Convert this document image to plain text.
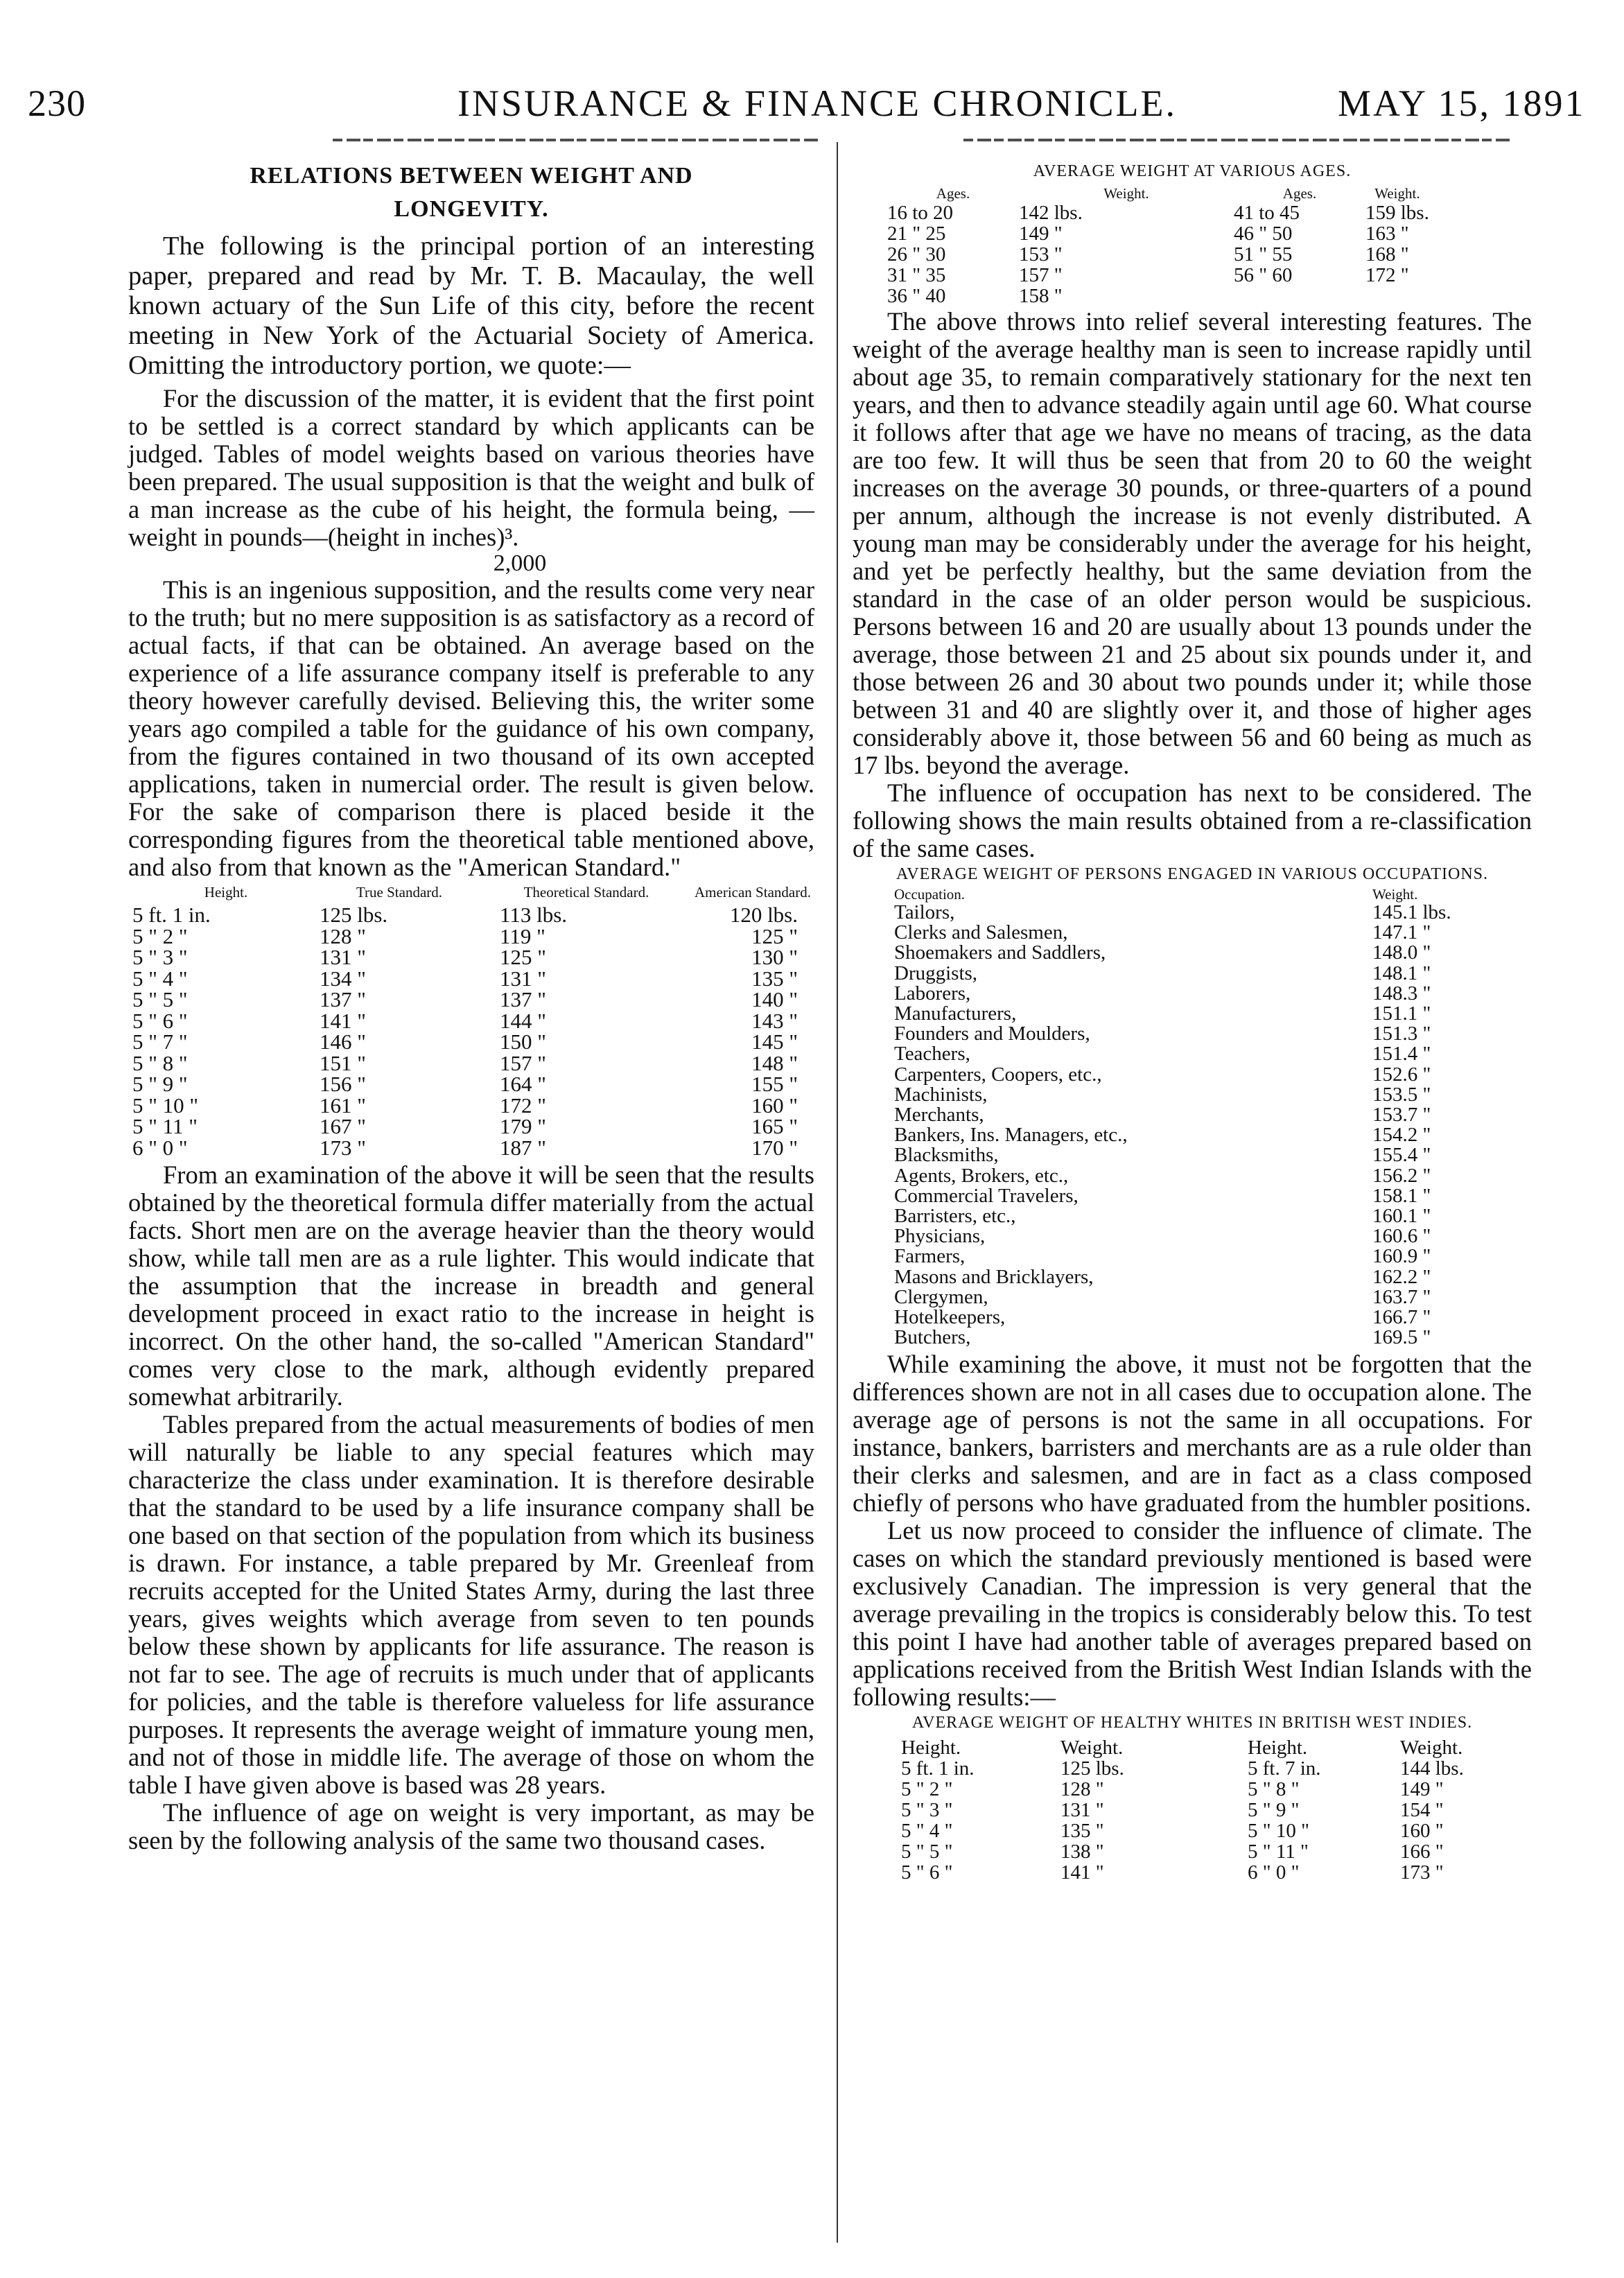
230	INSURANCE & FINANCE CHRONICLE.	MAY 15, 1891
RELATIONS BETWEEN WEIGHT AND
LONGEVITY.

The following is the principal portion of an interesting paper, prepared and read by Mr. T. B. Macaulay, the well known actuary of the Sun Life of this city, before the recent meeting in New York of the Actuarial Society of America. Omitting the introductory portion, we quote:—

For the discussion of the matter, it is evident that the first point to be settled is a correct standard by which applicants can be judged. Tables of model weights based on various theories have been prepared. The usual supposition is that the weight and bulk of a man increase as the cube of his height, the formula being, —weight in pounds—(height in inches)³.

2,000

This is an ingenious supposition, and the results come very near to the truth; but no mere supposition is as satisfactory as a record of actual facts, if that can be obtained. An average based on the experience of a life assurance company itself is preferable to any theory however carefully devised. Believing this, the writer some years ago compiled a table for the guidance of his own company, from the figures contained in two thousand of its own accepted applications, taken in numercial order. The result is given below. For the sake of comparison there is placed beside it the corresponding figures from the theoretical table mentioned above, and also from that known as the "American Standard."

Height.	True Standard.	Theoretical Standard.	American Standard.
5 ft. 1 in.	125 lbs.	113 lbs.	120 lbs.
5 " 2 "	128 "	119 "	125 "
5 " 3 "	131 "	125 "	130 "
5 " 4 "	134 "	131 "	135 "
5 " 5 "	137 "	137 "	140 "
5 " 6 "	141 "	144 "	143 "
5 " 7 "	146 "	150 "	145 "
5 " 8 "	151 "	157 "	148 "
5 " 9 "	156 "	164 "	155 "
5 " 10 "	161 "	172 "	160 "
5 " 11 "	167 "	179 "	165 "
6 " 0 "	173 "	187 "	170 "

From an examination of the above it will be seen that the results obtained by the theoretical formula differ materially from the actual facts. Short men are on the average heavier than the theory would show, while tall men are as a rule lighter. This would indicate that the assumption that the increase in breadth and general development proceed in exact ratio to the increase in height is incorrect. On the other hand, the so-called "American Standard" comes very close to the mark, although evidently prepared somewhat arbitrarily.

Tables prepared from the actual measurements of bodies of men will naturally be liable to any special features which may characterize the class under examination. It is therefore desirable that the standard to be used by a life insurance company shall be one based on that section of the population from which its business is drawn. For instance, a table prepared by Mr. Greenleaf from recruits accepted for the United States Army, during the last three years, gives weights which average from seven to ten pounds below these shown by applicants for life assurance. The reason is not far to see. The age of recruits is much under that of applicants for policies, and the table is therefore valueless for life assurance purposes. It represents the average weight of immature young men, and not of those in middle life. The average of those on whom the table I have given above is based was 28 years.

The influence of age on weight is very important, as may be seen by the following analysis of the same two thousand cases.

AVERAGE WEIGHT AT VARIOUS AGES.
Ages.	Weight.	Ages.	Weight.
16 to 20	142 lbs.	41 to 45	159 lbs.
21 " 25	149 "	46 " 50	163 "
26 " 30	153 "	51 " 55	168 "
31 " 35	157 "	56 " 60	172 "
36 " 40	158 "		

The above throws into relief several interesting features. The weight of the average healthy man is seen to increase rapidly until about age 35, to remain comparatively stationary for the next ten years, and then to advance steadily again until age 60. What course it follows after that age we have no means of tracing, as the data are too few. It will thus be seen that from 20 to 60 the weight increases on the average 30 pounds, or three-quarters of a pound per annum, although the increase is not evenly distributed. A young man may be considerably under the average for his height, and yet be perfectly healthy, but the same deviation from the standard in the case of an older person would be suspicious. Persons between 16 and 20 are usually about 13 pounds under the average, those between 21 and 25 about six pounds under it, and those between 26 and 30 about two pounds under it; while those between 31 and 40 are slightly over it, and those of higher ages considerably above it, those between 56 and 60 being as much as 17 lbs. beyond the average.

The influence of occupation has next to be considered. The following shows the main results obtained from a re-classification of the same cases.

AVERAGE WEIGHT OF PERSONS ENGAGED IN VARIOUS OCCUPATIONS.
Occupation.	Weight.
Tailors,	145.1 lbs.
Clerks and Salesmen,	147.1 "
Shoemakers and Saddlers,	148.0 "
Druggists,	148.1 "
Laborers,	148.3 "
Manufacturers,	151.1 "
Founders and Moulders,	151.3 "
Teachers,	151.4 "
Carpenters, Coopers, etc.,	152.6 "
Machinists,	153.5 "
Merchants,	153.7 "
Bankers, Ins. Managers, etc.,	154.2 "
Blacksmiths,	155.4 "
Agents, Brokers, etc.,	156.2 "
Commercial Travelers,	158.1 "
Barristers, etc.,	160.1 "
Physicians,	160.6 "
Farmers,	160.9 "
Masons and Bricklayers,	162.2 "
Clergymen,	163.7 "
Hotelkeepers,	166.7 "
Butchers,	169.5 "

While examining the above, it must not be forgotten that the differences shown are not in all cases due to occupation alone. The average age of persons is not the same in all occupations. For instance, bankers, barristers and merchants are as a rule older than their clerks and salesmen, and are in fact as a class composed chiefly of persons who have graduated from the humbler positions.

Let us now proceed to consider the influence of climate. The cases on which the standard previously mentioned is based were exclusively Canadian. The impression is very general that the average prevailing in the tropics is considerably below this. To test this point I have had another table of averages prepared based on applications received from the British West Indian Islands with the following results:—

AVERAGE WEIGHT OF HEALTHY WHITES IN BRITISH WEST INDIES.
Height.	Weight.	Height.	Weight.
5 ft. 1 in.	125 lbs.	5 ft. 7 in.	144 lbs.
5 " 2 "	128 "	5 " 8 "	149 "
5 " 3 "	131 "	5 " 9 "	154 "
5 " 4 "	135 "	5 " 10 "	160 "
5 " 5 "	138 "	5 " 11 "	166 "
5 " 6 "	141 "	6 " 0 "	173 "
